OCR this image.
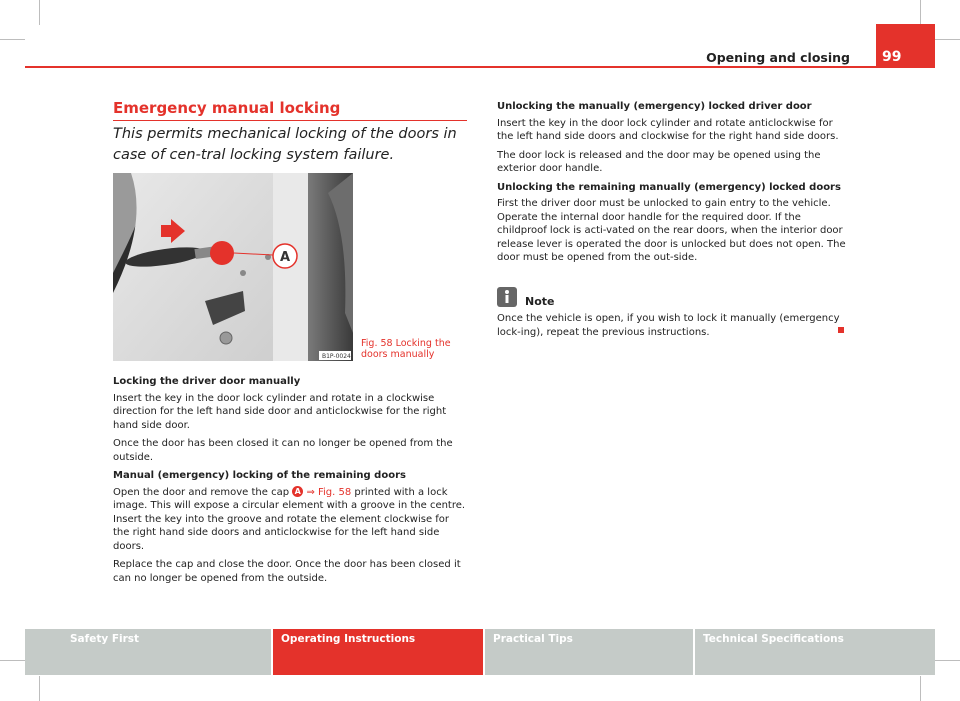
Opening and closing	99
Emergency manual locking
This permits mechanical locking of the doors in case of cen-tral locking system failure.
A
B1P-0024
Fig. 58 Locking the doors manually

Locking the driver door manually

Insert the key in the door lock cylinder and rotate in a clockwise direction for the left hand side door and anticlockwise for the right hand side door.

Once the door has been closed it can no longer be opened from the outside.

Manual (emergency) locking of the remaining doors

Open the door and remove the cap A ⇒ Fig. 58 printed with a lock image. This will expose a circular element with a groove in the centre. Insert the key into the groove and rotate the element clockwise for the right hand side doors and anticlockwise for the left hand side doors.

Replace the cap and close the door. Once the door has been closed it can no longer be opened from the outside.

Unlocking the manually (emergency) locked driver door

Insert the key in the door lock cylinder and rotate anticlockwise for the left hand side doors and clockwise for the right hand side doors.

The door lock is released and the door may be opened using the exterior door handle.

Unlocking the remaining manually (emergency) locked doors

First the driver door must be unlocked to gain entry to the vehicle. Operate the internal door handle for the required door. If the childproof lock is acti-vated on the rear doors, when the interior door release lever is operated the door is unlocked but does not open. The door must be opened from the out-side.

Note
Once the vehicle is open, if you wish to lock it manually (emergency lock-ing), repeat the previous instructions.
Safety First	Operating Instructions	Practical Tips	Technical Specifications
